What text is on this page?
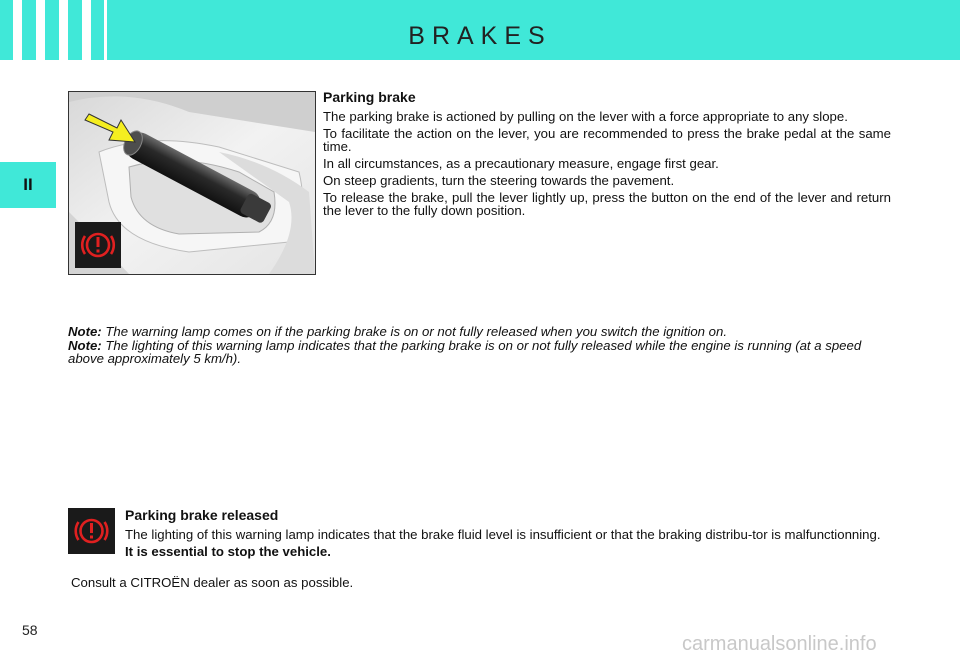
BRAKES
II
Parking brake

The parking brake is actioned by pulling on the lever with a force appropriate to any slope.

To facilitate the action on the lever, you are recommended to press the brake pedal at the same time.

In all circumstances, as a precautionary measure, engage first gear.

On steep gradients, turn the steering towards the pavement.

To release the brake, pull the lever lightly up, press the button on the end of the lever and return the lever to the fully down position.

Note: The warning lamp comes on if the parking brake is on or not fully released when you switch the ignition on.

Note: The lighting of this warning lamp indicates that the parking brake is on or not fully released while the engine is running (at a speed above approximately 5 km/h).

Parking brake released

The lighting of this warning lamp indicates that the brake fluid level is insufficient or that the braking distribu-tor is malfunctionning.

It is essential to stop the vehicle.

Consult a CITROËN dealer as soon as possible.
58
carmanualsonline.info
